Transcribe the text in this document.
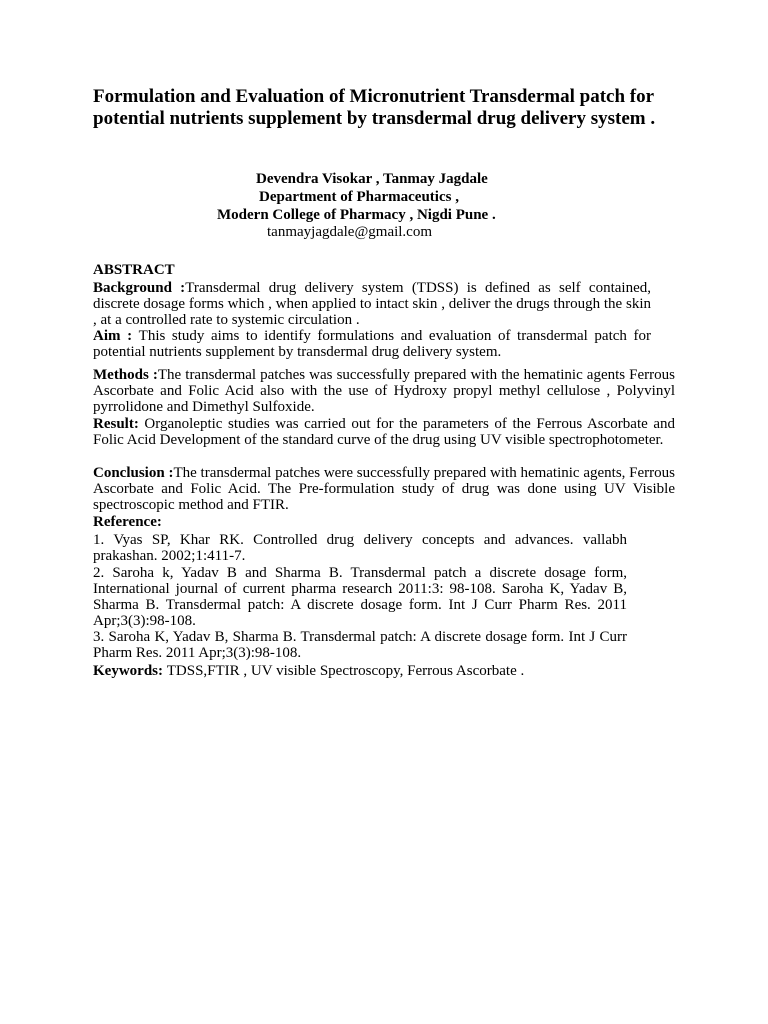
Formulation and Evaluation of Micronutrient Transdermal patch for potential nutrients supplement by transdermal drug delivery system .
Devendra Visokar , Tanmay Jagdale
Department of Pharmaceutics ,
Modern College of Pharmacy , Nigdi Pune .
tanmayjagdale@gmail.com
ABSTRACT
Background :Transdermal drug delivery system (TDSS) is defined as self contained, discrete dosage forms which , when applied to intact skin , deliver the drugs through the skin , at a controlled rate to systemic circulation .
Aim : This study aims to identify formulations and evaluation of transdermal patch for potential nutrients supplement by transdermal drug delivery system.
Methods :The transdermal patches was successfully prepared with the hematinic agents Ferrous Ascorbate and Folic Acid also with the use of Hydroxy propyl methyl cellulose , Polyvinyl pyrrolidone and Dimethyl Sulfoxide.
Result: Organoleptic studies was carried out for the parameters of the Ferrous Ascorbate and Folic Acid Development of the standard curve of the drug using UV visible spectrophotometer.
Conclusion :The transdermal patches were successfully prepared with hematinic agents, Ferrous Ascorbate and Folic Acid. The Pre-formulation study of drug was done using UV Visible spectroscopic method and FTIR.
Reference:
1. Vyas SP, Khar RK. Controlled drug delivery concepts and advances. vallabh prakashan. 2002;1:411-7.
2. Saroha k, Yadav B and Sharma B. Transdermal patch a discrete dosage form, International journal of current pharma research 2011:3: 98-108. Saroha K, Yadav B, Sharma B. Transdermal patch: A discrete dosage form. Int J Curr Pharm Res. 2011 Apr;3(3):98-108.
3. Saroha K, Yadav B, Sharma B. Transdermal patch: A discrete dosage form. Int J Curr Pharm Res. 2011 Apr;3(3):98-108.
Keywords: TDSS,FTIR , UV visible Spectroscopy, Ferrous Ascorbate .
